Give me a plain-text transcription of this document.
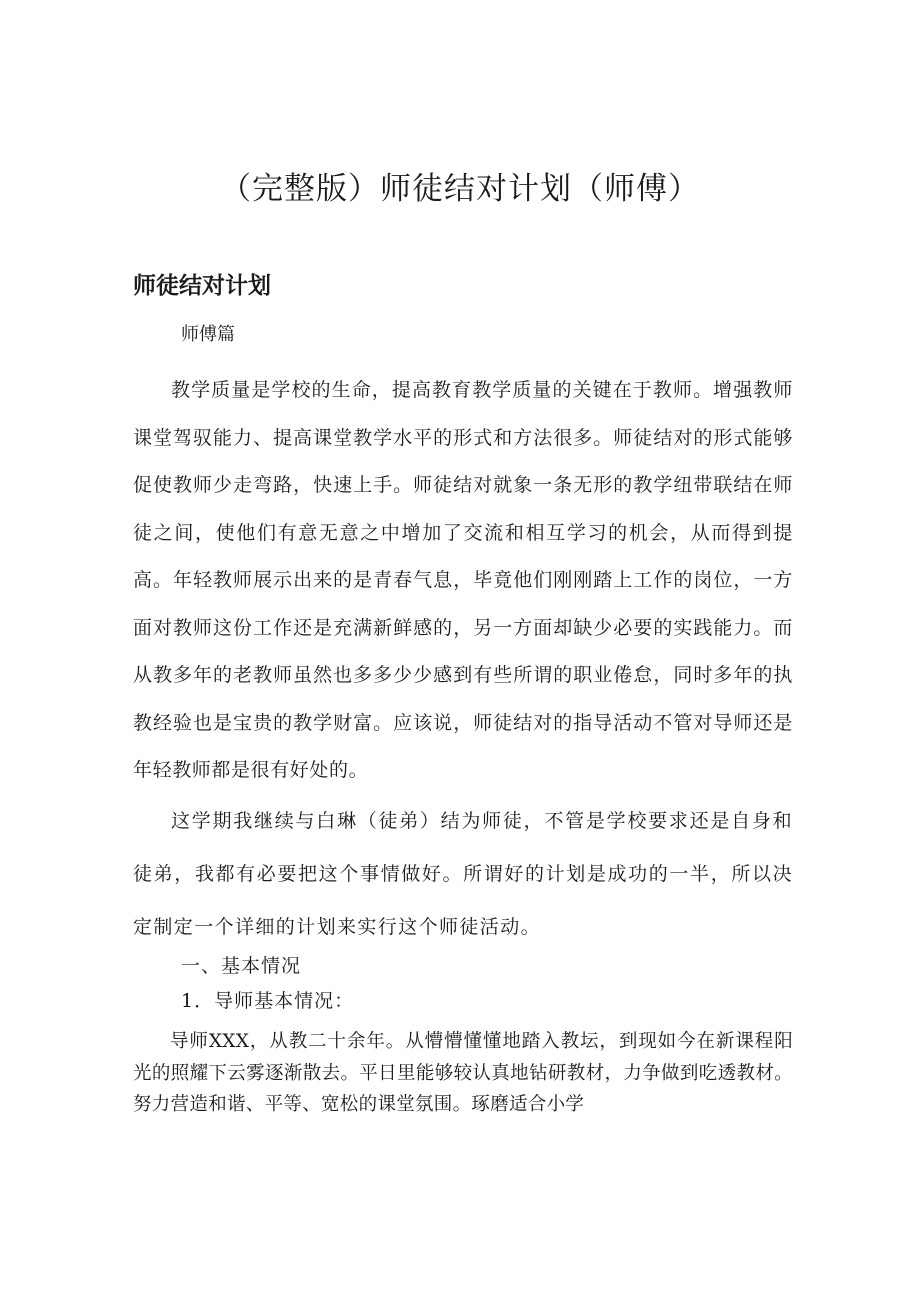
（完整版）师徒结对计划（师傅）
师徒结对计划

师傅篇

教学质量是学校的生命，提高教育教学质量的关键在于教师。增强教师课堂驾驭能力、提高课堂教学水平的形式和方法很多。师徒结对的形式能够促使教师少走弯路，快速上手。师徒结对就象一条无形的教学纽带联结在师徒之间，使他们有意无意之中增加了交流和相互学习的机会，从而得到提高。年轻教师展示出来的是青春气息，毕竟他们刚刚踏上工作的岗位，一方面对教师这份工作还是充满新鲜感的，另一方面却缺少必要的实践能力。而从教多年的老教师虽然也多多少少感到有些所谓的职业倦怠，同时多年的执教经验也是宝贵的教学财富。应该说，师徒结对的指导活动不管对导师还是年轻教师都是很有好处的。

这学期我继续与白琳（徒弟）结为师徒，不管是学校要求还是自身和徒弟，我都有必要把这个事情做好。所谓好的计划是成功的一半，所以决定制定一个详细的计划来实行这个师徒活动。

一、基本情况

1．导师基本情况：

导师XXX，从教二十余年。从懵懵懂懂地踏入教坛，到现如今在新课程阳光的照耀下云雾逐渐散去。平日里能够较认真地钻研教材，力争做到吃透教材。努力营造和谐、平等、宽松的课堂氛围。琢磨适合小学
